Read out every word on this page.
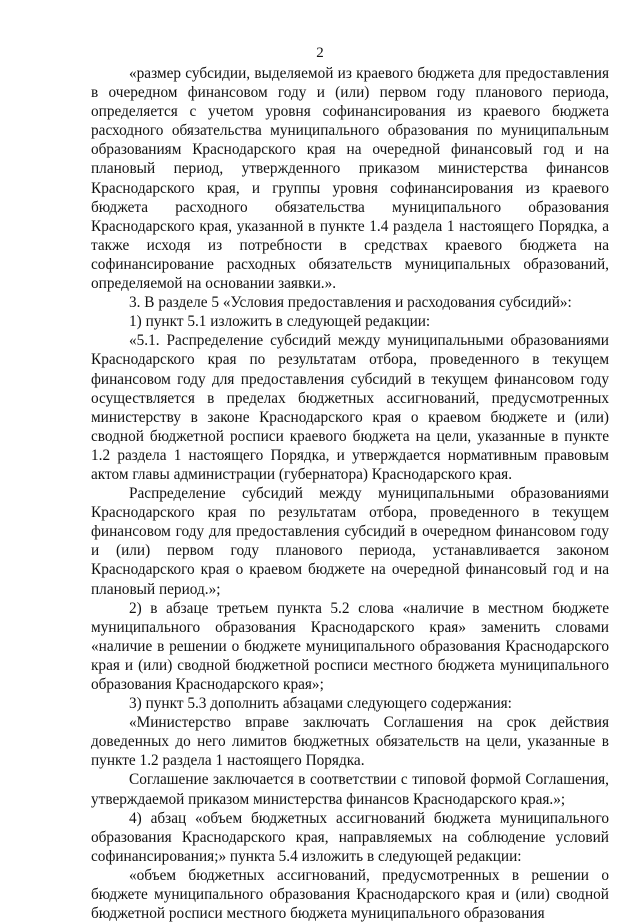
2

«размер субсидии, выделяемой из краевого бюджета для предоставления в очередном финансовом году и (или) первом году планового периода, определяется с учетом уровня софинансирования из краевого бюджета расходного обязательства муниципального образования по муниципальным образованиям Краснодарского края на очередной финансовый год и на плановый период, утвержденного приказом министерства финансов Краснодарского края, и группы уровня софинансирования из краевого бюджета расходного обязательства муниципального образования Краснодарского края, указанной в пункте 1.4 раздела 1 настоящего Порядка, а также исходя из потребности в средствах краевого бюджета на софинансирование расходных обязательств муниципальных образований, определяемой на основании заявки.».

3. В разделе 5 «Условия предоставления и расходования субсидий»:

1) пункт 5.1 изложить в следующей редакции:

«5.1. Распределение субсидий между муниципальными образованиями Краснодарского края по результатам отбора, проведенного в текущем финансовом году для предоставления субсидий в текущем финансовом году осуществляется в пределах бюджетных ассигнований, предусмотренных министерству в законе Краснодарского края о краевом бюджете и (или) сводной бюджетной росписи краевого бюджета на цели, указанные в пункте 1.2 раздела 1 настоящего Порядка, и утверждается нормативным правовым актом главы администрации (губернатора) Краснодарского края.

Распределение субсидий между муниципальными образованиями Краснодарского края по результатам отбора, проведенного в текущем финансовом году для предоставления субсидий в очередном финансовом году и (или) первом году планового периода, устанавливается законом Краснодарского края о краевом бюджете на очередной финансовый год и на плановый период.»;

2) в абзаце третьем пункта 5.2 слова «наличие в местном бюджете муниципального образования Краснодарского края» заменить словами «наличие в решении о бюджете муниципального образования Краснодарского края и (или) сводной бюджетной росписи местного бюджета муниципального образования Краснодарского края»;

3) пункт 5.3 дополнить абзацами следующего содержания:

«Министерство вправе заключать Соглашения на срок действия доведенных до него лимитов бюджетных обязательств на цели, указанные в пункте 1.2 раздела 1 настоящего Порядка.

Соглашение заключается в соответствии с типовой формой Соглашения, утверждаемой приказом министерства финансов Краснодарского края.»;

4) абзац «объем бюджетных ассигнований бюджета муниципального образования Краснодарского края, направляемых на соблюдение условий софинансирования;» пункта 5.4 изложить в следующей редакции:

«объем бюджетных ассигнований, предусмотренных в решении о бюджете муниципального образования Краснодарского края и (или) сводной бюджетной росписи местного бюджета муниципального образования
